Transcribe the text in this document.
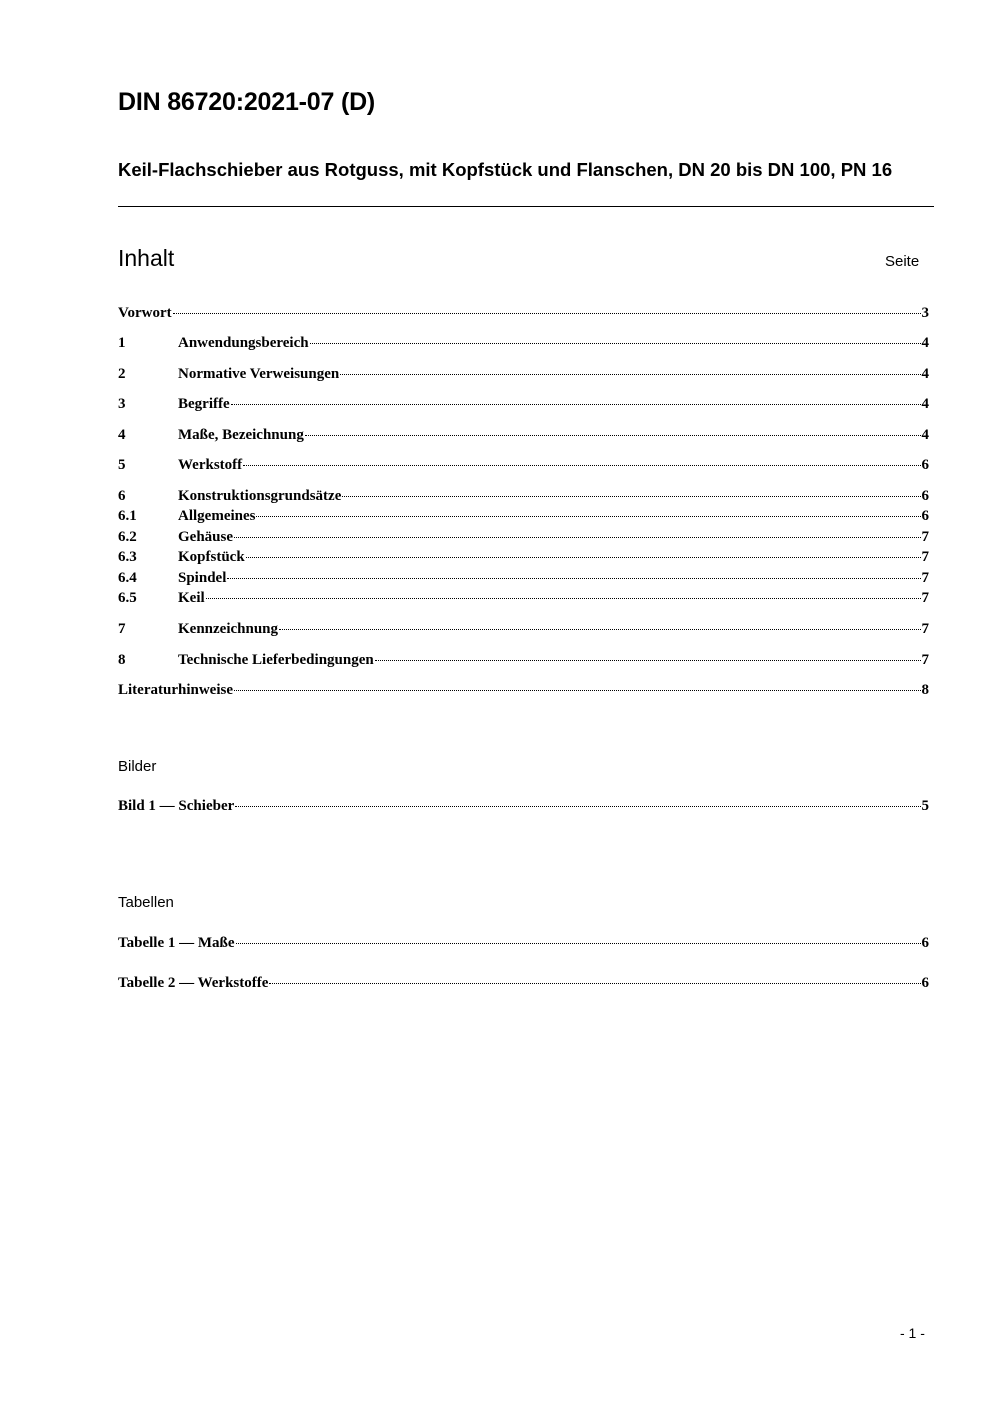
DIN 86720:2021-07 (D)
Keil-Flachschieber aus Rotguss, mit Kopfstück und Flanschen, DN 20 bis DN 100, PN 16
Inhalt	Seite
Vorwort	3
1	Anwendungsbereich	4
2	Normative Verweisungen	4
3	Begriffe	4
4	Maße, Bezeichnung	4
5	Werkstoff	6
6	Konstruktionsgrundsätze	6
6.1	Allgemeines	6
6.2	Gehäuse	7
6.3	Kopfstück	7
6.4	Spindel	7
6.5	Keil	7
7	Kennzeichnung	7
8	Technische Lieferbedingungen	7
Literaturhinweise	8
Bilder
Bild 1 — Schieber	5
Tabellen
Tabelle 1 — Maße	6
Tabelle 2 — Werkstoffe	6
- 1 -
